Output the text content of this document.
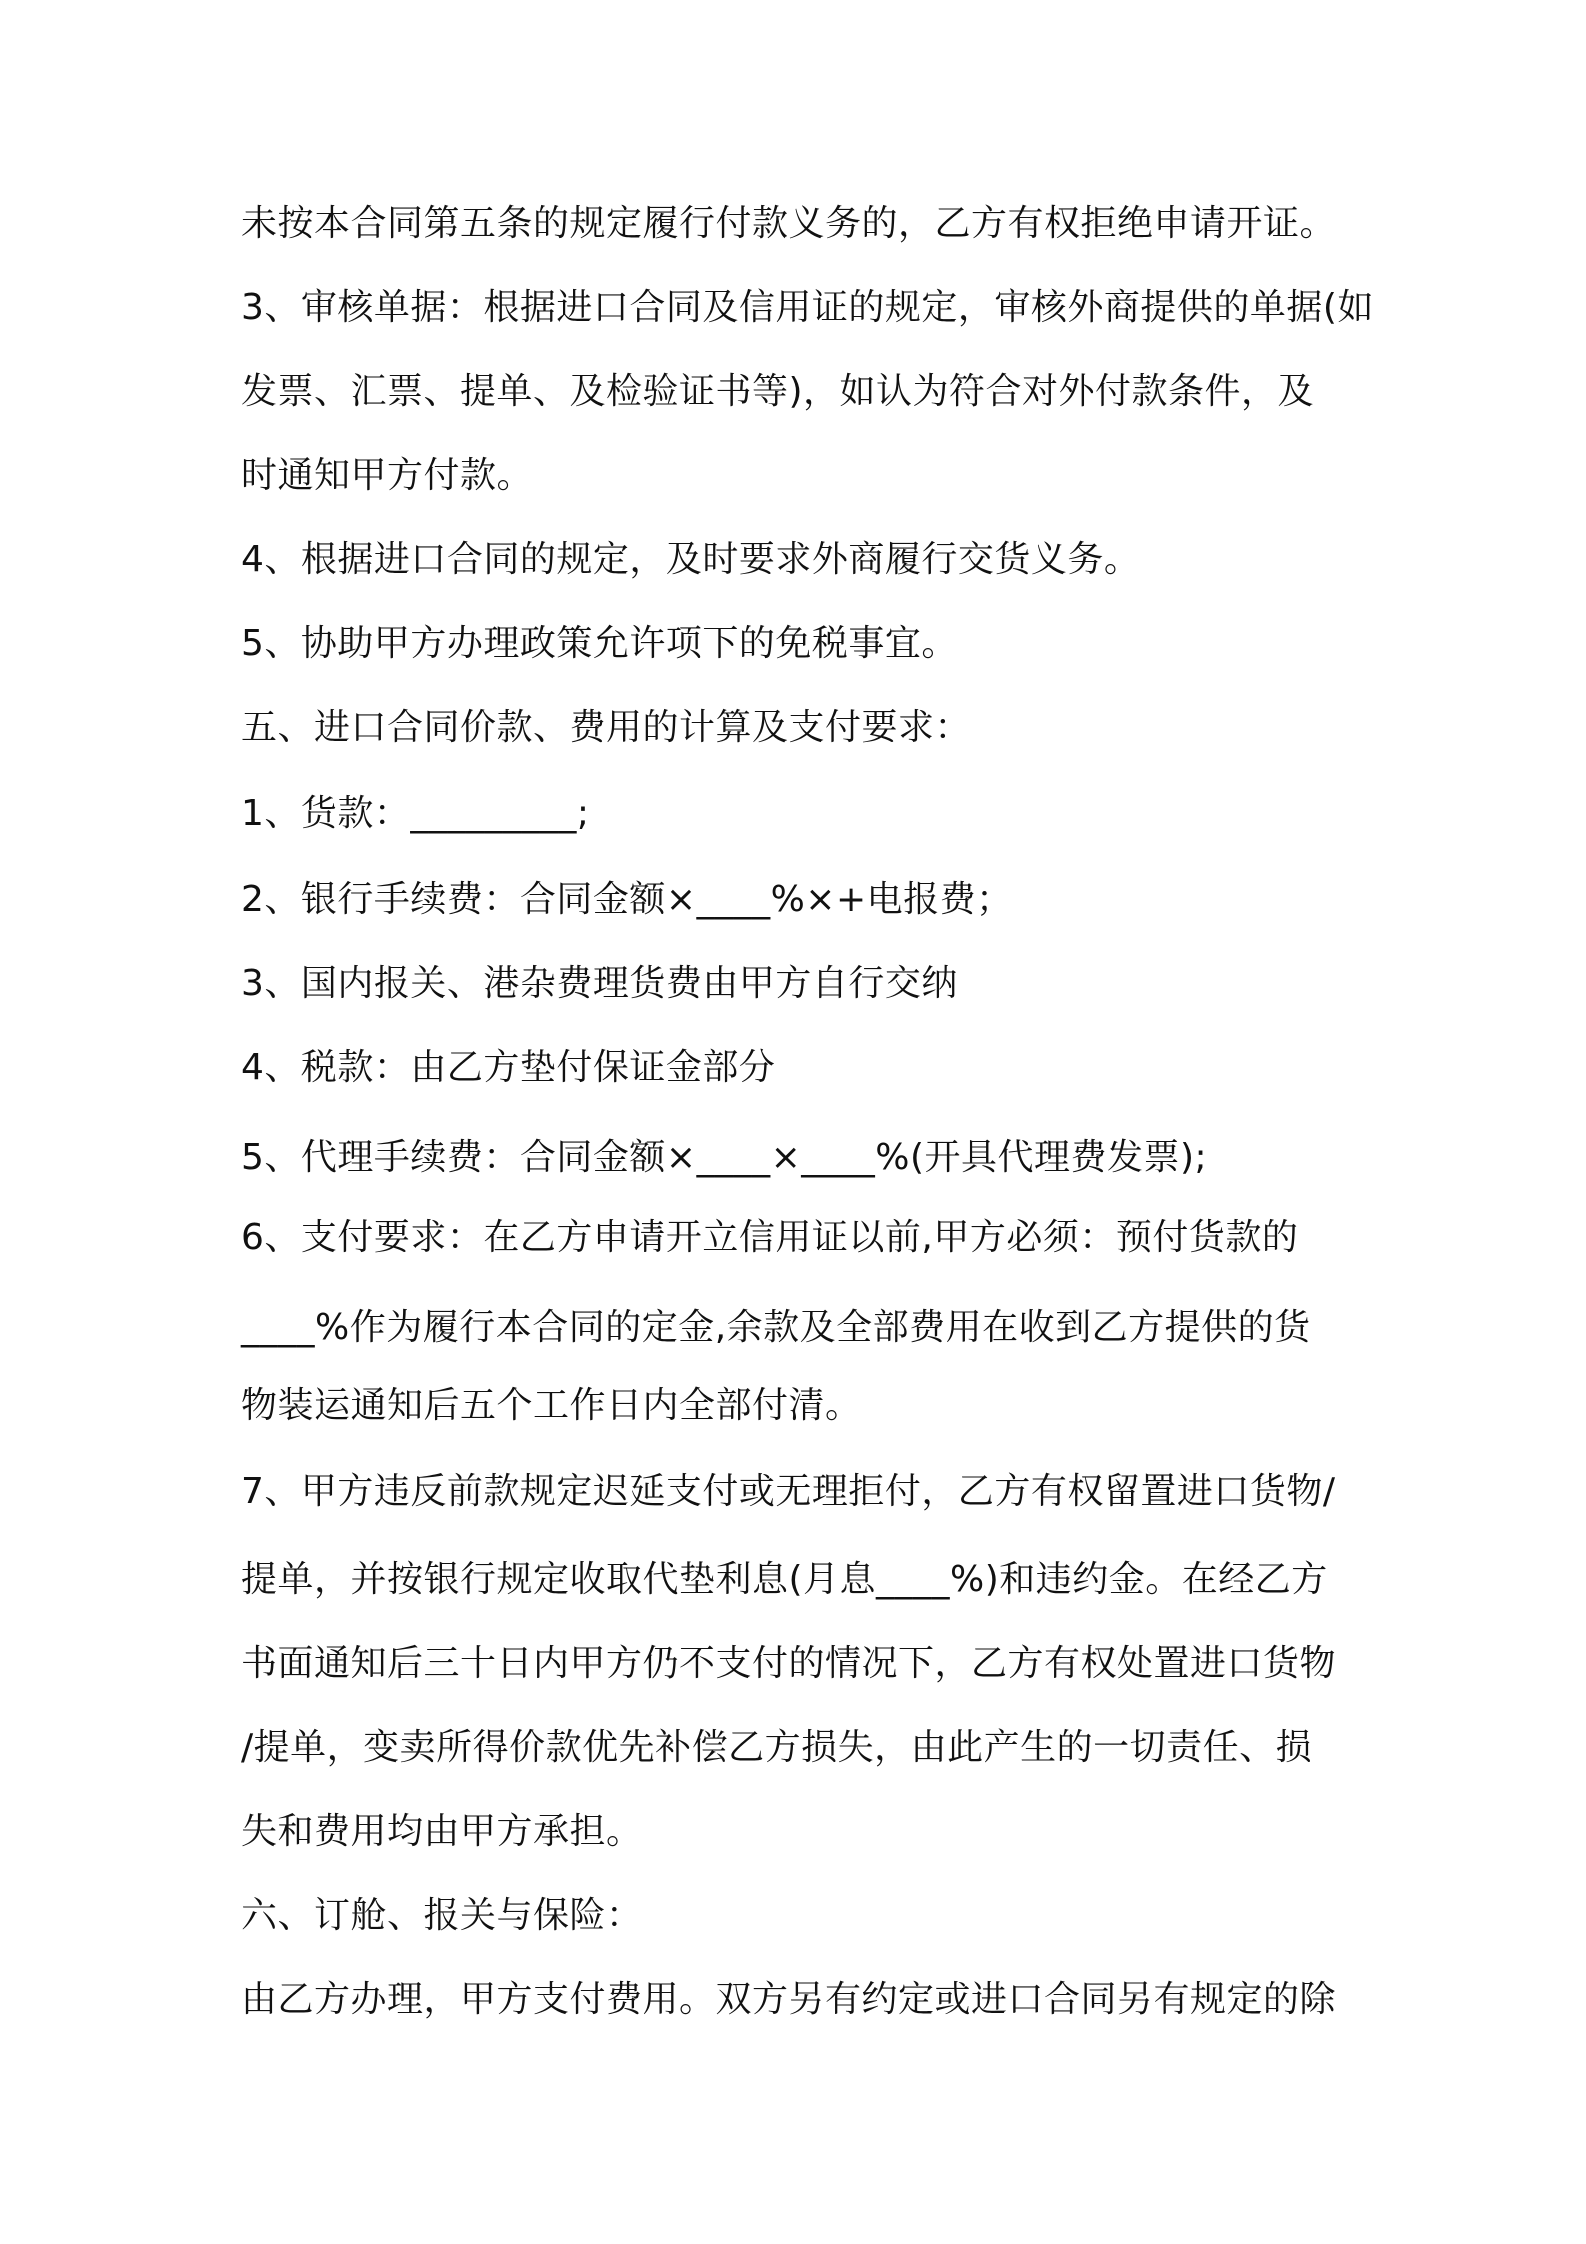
未按本合同第五条的规定履行付款义务的，乙方有权拒绝申请开证。
3、审核单据：根据进口合同及信用证的规定，审核外商提供的单据(如
发票、汇票、提单、及检验证书等)，如认为符合对外付款条件，及
时通知甲方付款。
4、根据进口合同的规定，及时要求外商履行交货义务。
5、协助甲方办理政策允许项下的免税事宜。
五、进口合同价款、费用的计算及支付要求：
1、货款：_________;
2、银行手续费：合同金额×____%×+电报费；
3、国内报关、港杂费理货费由甲方自行交纳
4、税款：由乙方垫付保证金部分
5、代理手续费：合同金额×____×____%(开具代理费发票);
6、支付要求：在乙方申请开立信用证以前,甲方必须：预付货款的
____%作为履行本合同的定金,余款及全部费用在收到乙方提供的货
物装运通知后五个工作日内全部付清。
7、甲方违反前款规定迟延支付或无理拒付，乙方有权留置进口货物/
提单，并按银行规定收取代垫利息(月息____%)和违约金。在经乙方
书面通知后三十日内甲方仍不支付的情况下，乙方有权处置进口货物
/提单，变卖所得价款优先补偿乙方损失，由此产生的一切责任、损
失和费用均由甲方承担。
六、订舱、报关与保险：
由乙方办理，甲方支付费用。双方另有约定或进口合同另有规定的除
